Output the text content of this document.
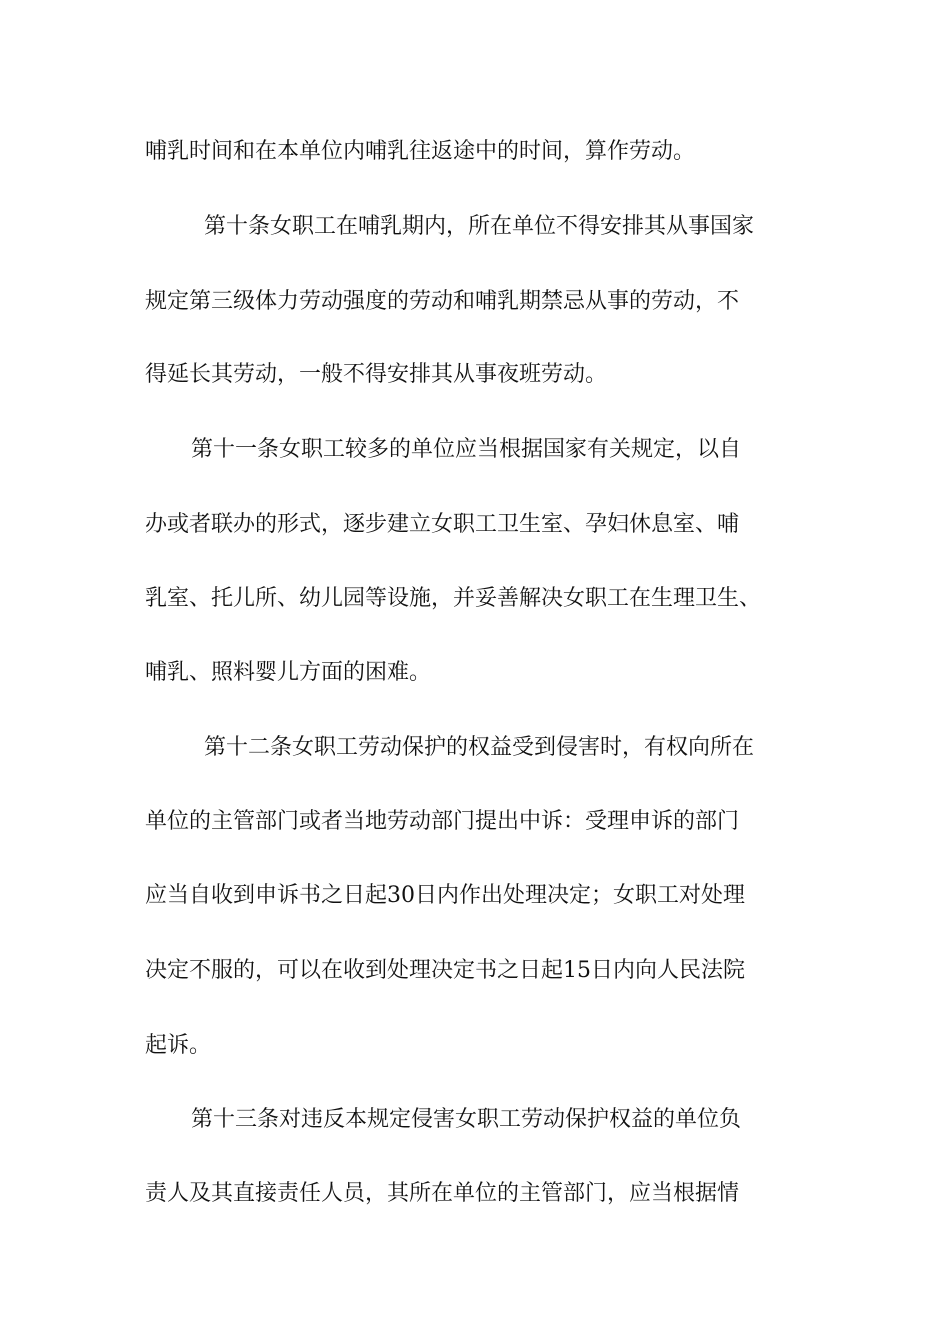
哺乳时间和在本单位内哺乳往返途中的时间，算作劳动。
第十条女职工在哺乳期内，所在单位不得安排其从事国家
规定第三级体力劳动强度的劳动和哺乳期禁忌从事的劳动，不
得延长其劳动，一般不得安排其从事夜班劳动。
第十一条女职工较多的单位应当根据国家有关规定，以自
办或者联办的形式，逐步建立女职工卫生室、孕妇休息室、哺
乳室、托儿所、幼儿园等设施，并妥善解决女职工在生理卫生、
哺乳、照料婴儿方面的困难。
第十二条女职工劳动保护的权益受到侵害时，有权向所在
单位的主管部门或者当地劳动部门提出中诉：受理申诉的部门
应当自收到申诉书之日起30日内作出处理决定；女职工对处理
决定不服的，可以在收到处理决定书之日起15日内向人民法院
起诉。
第十三条对违反本规定侵害女职工劳动保护权益的单位负
责人及其直接责任人员，其所在单位的主管部门，应当根据情
